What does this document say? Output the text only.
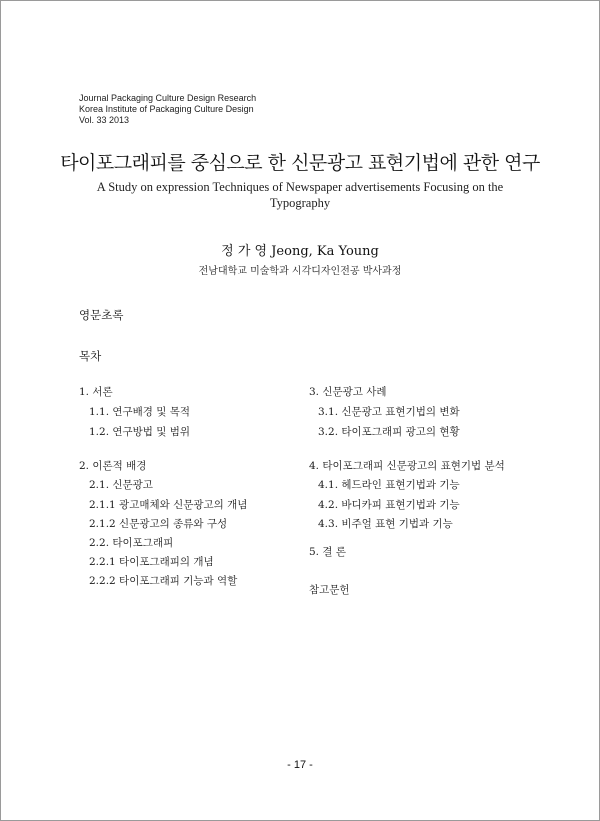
Journal Packaging Culture Design Research
Korea Institute of Packaging Culture Design
Vol. 33 2013
타이포그래피를 중심으로 한 신문광고 표현기법에 관한 연구
A Study on expression Techniques of Newspaper advertisements Focusing on the Typography
정 가 영 Jeong, Ka Young
전남대학교 미술학과 시각디자인전공 박사과정
영문초록
목차
1. 서론
1.1. 연구배경 및 목적
1.2. 연구방법 및 범위
2. 이론적 배경
2.1. 신문광고
2.1.1 광고매체와 신문광고의 개념
2.1.2 신문광고의 종류와 구성
2.2. 타이포그래피
2.2.1 타이포그래피의 개념
2.2.2 타이포그래피 기능과 역할
3. 신문광고 사례
3.1. 신문광고 표현기법의 변화
3.2. 타이포그래피 광고의 현황
4. 타이포그래피 신문광고의 표현기법 분석
4.1. 헤드라인 표현기법과 기능
4.2. 바디카피 표현기법과 기능
4.3. 비주얼 표현 기법과 기능
5. 결 론
참고문헌
- 17 -
